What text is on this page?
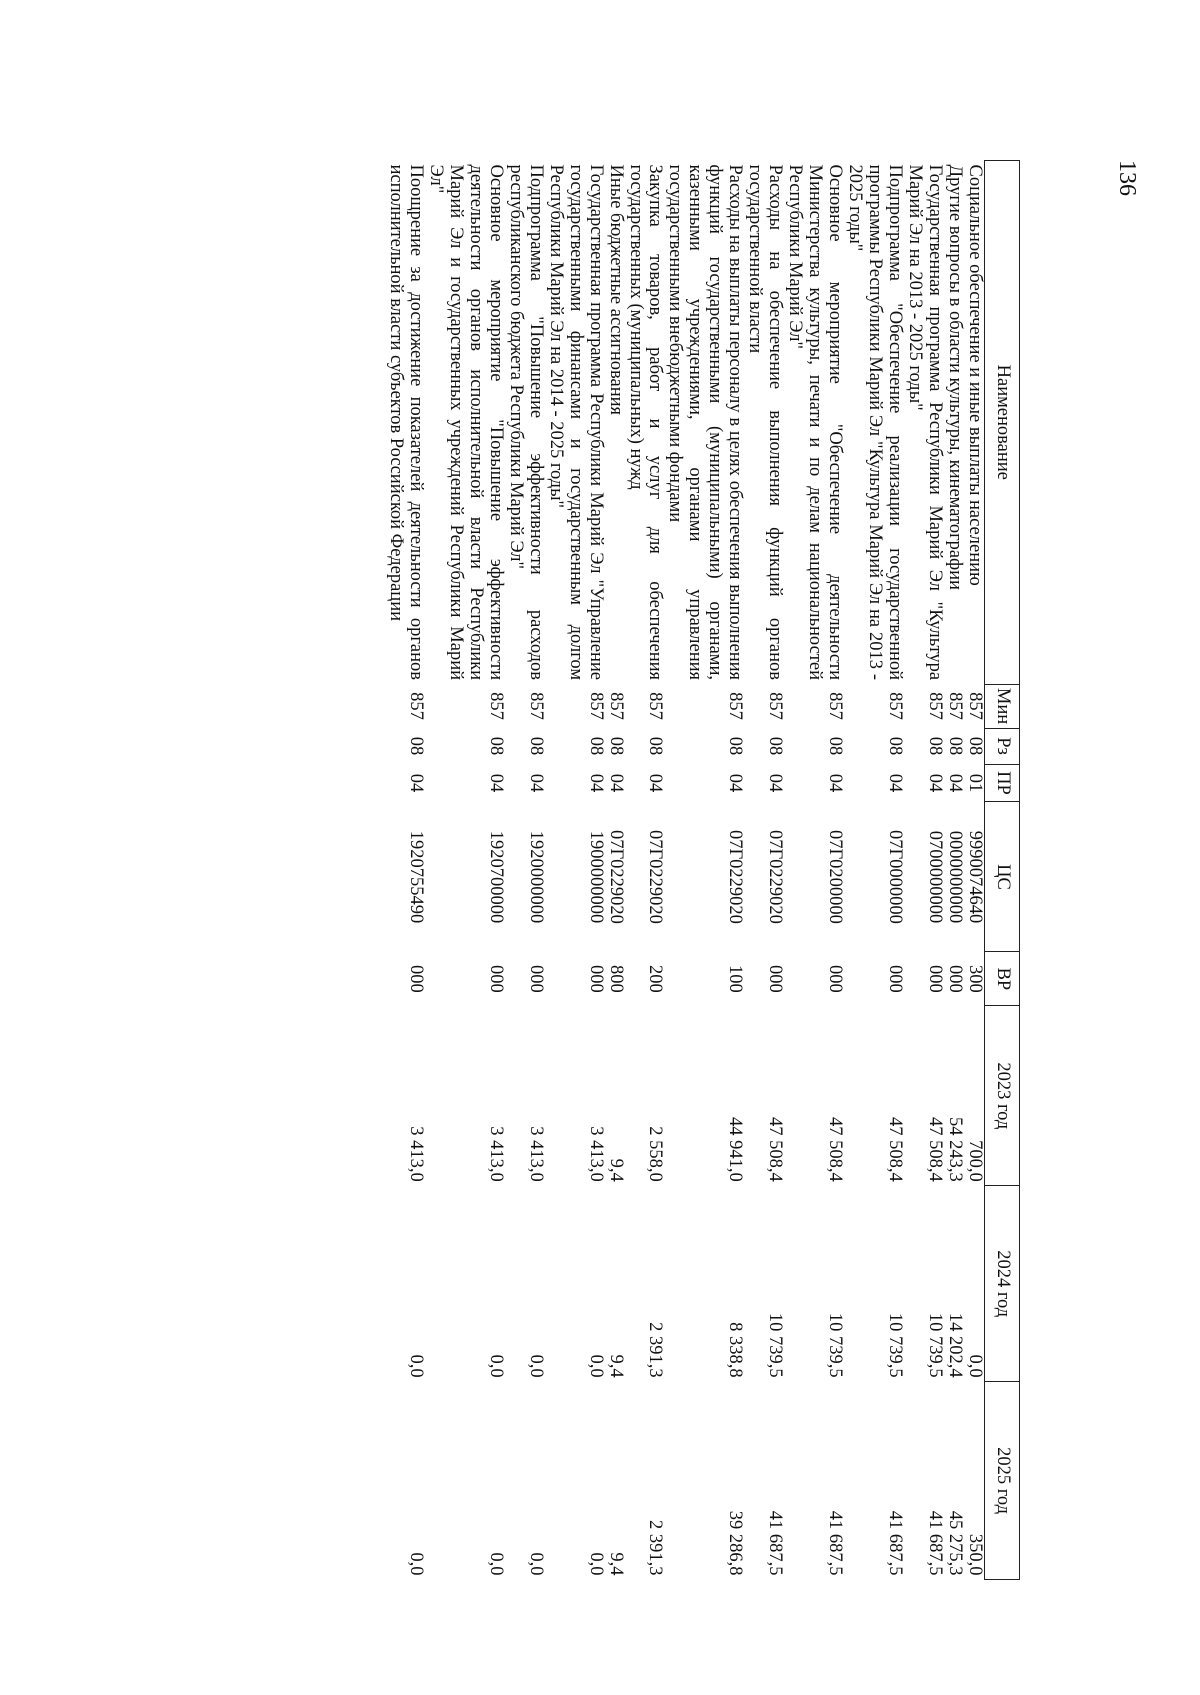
136
Наименование	Мин	Рз	ПР	ЦС	ВР	2023 год	2024 год	2025 год
Социальное обеспечение и иные выплаты населению	857	08	01	9990074640	300	700,0	0,0	350,0
Другие вопросы в области культуры, кинематографии	857	08	04	0000000000	000	54 243,3	14 202,4	45 275,3
Государственная программа Республики Марий Эл "Культура Марий Эл на 2013 - 2025 годы"	857	08	04	0700000000	000	47 508,4	10 739,5	41 687,5
Подпрограмма "Обеспечение реализации государственной программы Республики Марий Эл "Культура Марий Эл на 2013 - 2025 годы"	857	08	04	07Г0000000	000	47 508,4	10 739,5	41 687,5
Основное мероприятие "Обеспечение деятельности Министерства культуры, печати и по делам национальностей Республики Марий Эл"	857	08	04	07Г0200000	000	47 508,4	10 739,5	41 687,5
Расходы на обеспечение выполнения функций органов государственной власти	857	08	04	07Г0229020	000	47 508,4	10 739,5	41 687,5
Расходы на выплаты персоналу в целях обеспечения выполнения функций государственными (муниципальными) органами, казенными учреждениями, органами управления государственными внебюджетными фондами	857	08	04	07Г0229020	100	44 941,0	8 338,8	39 286,8
Закупка товаров, работ и услуг для обеспечения государственных (муниципальных) нужд	857	08	04	07Г0229020	200	2 558,0	2 391,3	2 391,3
Иные бюджетные ассигнования	857	08	04	07Г0229020	800	9,4	9,4	9,4
Государственная программа Республики Марий Эл "Управление государственными финансами и государственным долгом Республики Марий Эл на 2014 - 2025 годы"	857	08	04	1900000000	000	3 413,0	0,0	0,0
Подпрограмма "Повышение эффективности расходов республиканского бюджета Республики Марий Эл"	857	08	04	1920000000	000	3 413,0	0,0	0,0
Основное мероприятие "Повышение эффективности деятельности органов исполнительной власти Республики Марий Эл и государственных учреждений Республики Марий Эл"	857	08	04	1920700000	000	3 413,0	0,0	0,0
Поощрение за достижение показателей деятельности органов исполнительной власти субъектов Российской Федерации	857	08	04	1920755490	000	3 413,0	0,0	0,0
